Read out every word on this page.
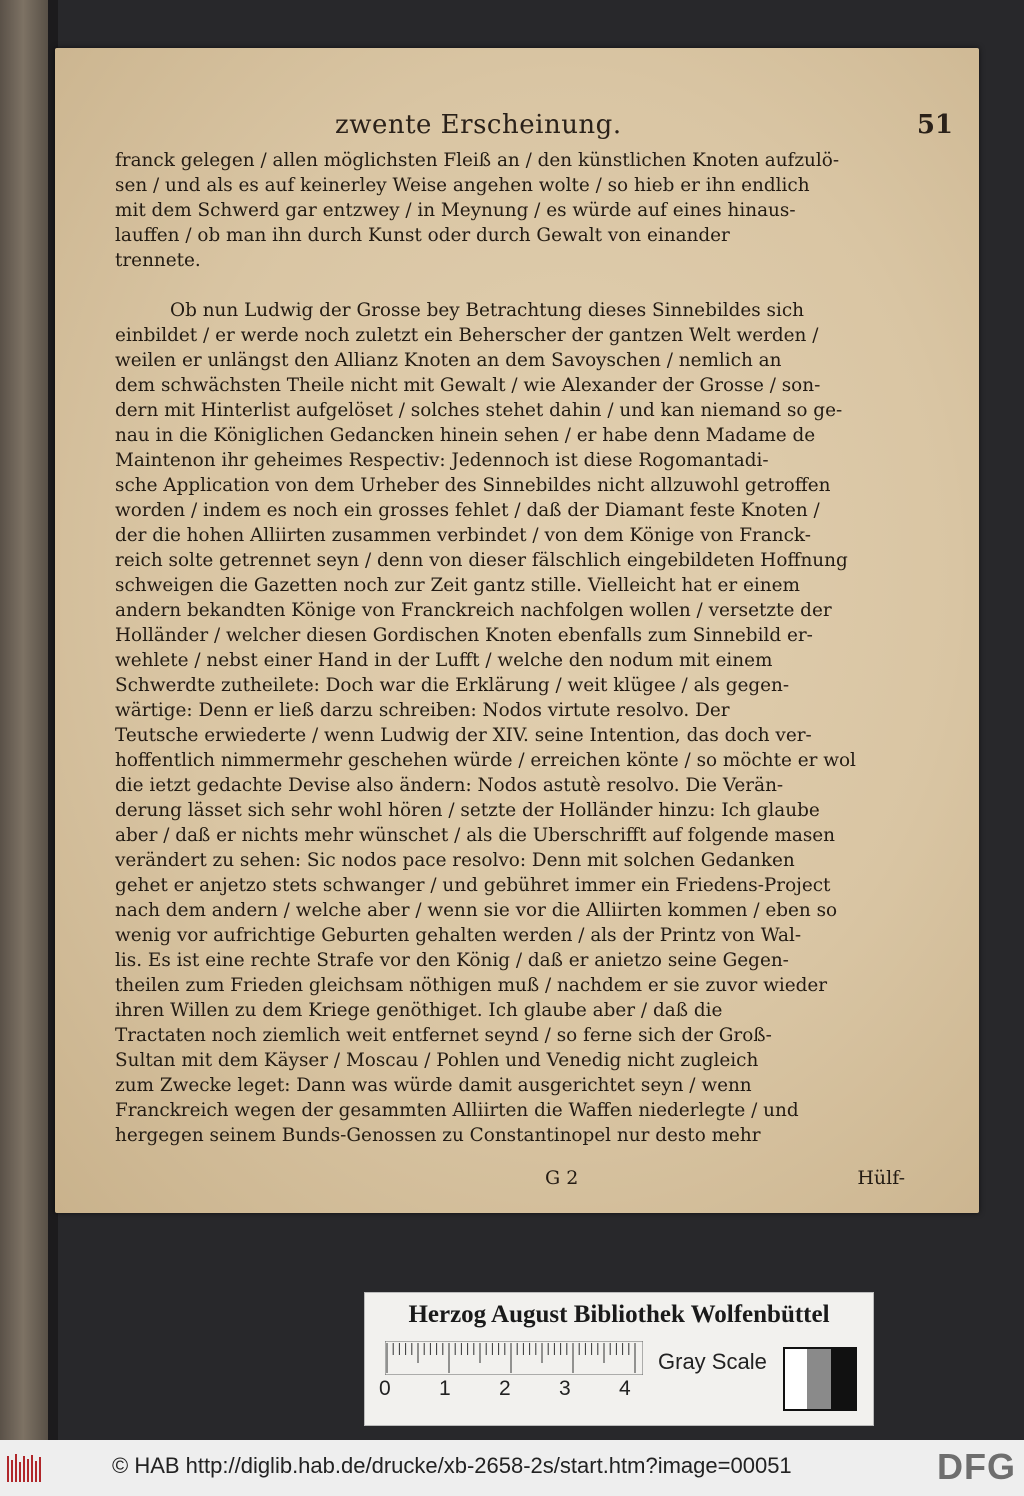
zwente Erscheinung.	51
franck gelegen / allen möglichsten Fleiß an / den künstlichen Knoten aufzulö-
sen / und als es auf keinerley Weise angehen wolte / so hieb er ihn endlich
mit dem Schwerd gar entzwey / in Meynung / es würde auf eines hinaus-
lauffen / ob man ihn durch Kunst oder durch Gewalt von einander
trennete.
Ob nun Ludwig der Grosse bey Betrachtung dieses Sinnebildes sich
einbildet / er werde noch zuletzt ein Beherscher der gantzen Welt werden /
weilen er unlängst den Allianz Knoten an dem Savoyschen / nemlich an
dem schwächsten Theile nicht mit Gewalt / wie Alexander der Grosse / son-
dern mit Hinterlist aufgelöset / solches stehet dahin / und kan niemand so ge-
nau in die Königlichen Gedancken hinein sehen / er habe denn Madame de
Maintenon ihr geheimes Respectiv: Jedennoch ist diese Rogomantadi-
sche Application von dem Urheber des Sinnebildes nicht allzuwohl getroffen
worden / indem es noch ein grosses fehlet / daß der Diamant feste Knoten /
der die hohen Alliirten zusammen verbindet / von dem Könige von Franck-
reich solte getrennet seyn / denn von dieser fälschlich eingebildeten Hoffnung
schweigen die Gazetten noch zur Zeit gantz stille. Vielleicht hat er einem
andern bekandten Könige von Franckreich nachfolgen wollen / versetzte der
Holländer / welcher diesen Gordischen Knoten ebenfalls zum Sinnebild er-
wehlete / nebst einer Hand in der Lufft / welche den nodum mit einem
Schwerdte zutheilete: Doch war die Erklärung / weit klügee / als gegen-
wärtige: Denn er ließ darzu schreiben: Nodos virtute resolvo. Der
Teutsche erwiederte / wenn Ludwig der XIV. seine Intention, das doch ver-
hoffentlich nimmermehr geschehen würde / erreichen könte / so möchte er wol
die ietzt gedachte Devise also ändern: Nodos astutè resolvo. Die Verän-
derung lässet sich sehr wohl hören / setzte der Holländer hinzu: Ich glaube
aber / daß er nichts mehr wünschet / als die Uberschrifft auf folgende masen
verändert zu sehen: Sic nodos pace resolvo: Denn mit solchen Gedanken
gehet er anjetzo stets schwanger / und gebühret immer ein Friedens-Project
nach dem andern / welche aber / wenn sie vor die Alliirten kommen / eben so
wenig vor aufrichtige Geburten gehalten werden / als der Printz von Wal-
lis. Es ist eine rechte Strafe vor den König / daß er anietzo seine Gegen-
theilen zum Frieden gleichsam nöthigen muß / nachdem er sie zuvor wieder
ihren Willen zu dem Kriege genöthiget. Ich glaube aber / daß die
Tractaten noch ziemlich weit entfernet seynd / so ferne sich der Groß-
Sultan mit dem Käyser / Moscau / Pohlen und Venedig nicht zugleich
zum Zwecke leget: Dann was würde damit ausgerichtet seyn / wenn
Franckreich wegen der gesammten Alliirten die Waffen niederlegte / und
hergegen seinem Bunds-Genossen zu Constantinopel nur desto mehr
G 2	Hülf-
Herzog August Bibliothek Wolfenbüttel
0 1 2 3 4
Gray Scale
© HAB http://diglib.hab.de/drucke/xb-2658-2s/start.htm?image=00051	DFG
